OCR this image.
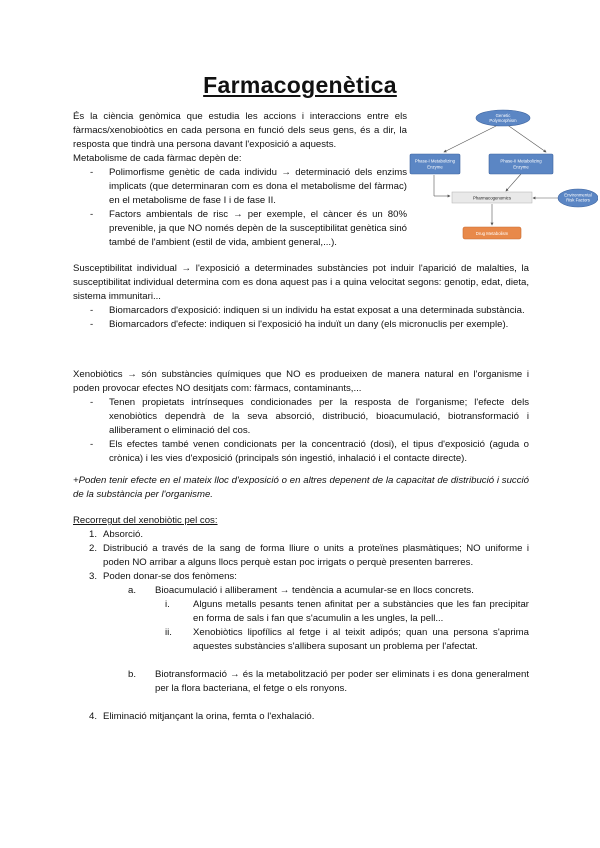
Farmacogenètica

És la ciència genòmica que estudia les accions i interaccions entre els fàrmacs/xenobioòtics en cada persona en funció dels seus gens, és a dir, la resposta que tindrà una persona davant l'exposició a aquests.

Metabolisme de cada fàrmac depèn de:

- Polimorfisme genètic de cada individu → determinació dels enzims implicats (que determinaran com es dona el metabolisme del fàrmac) en el metabolisme de fase I i de fase II.
- Factors ambientals de risc → per exemple, el càncer és un 80% prevenible, ja que NO només depèn de la susceptibilitat genètica sinó també de l'ambient (estil de vida, ambient general,...).
Genetic
Polymorphism
Phase-I Metabolizing
Enzyme
Phase-II Metabolizing
Enzyme
Pharmacogenomics
Environmental
Risk Factors
Drug Metabolism

Susceptibilitat individual → l'exposició a determinades substàncies pot induir l'aparició de malalties, la susceptibilitat individual determina com es dona aquest pas i a quina velocitat segons: genotip, edat, dieta, sistema immunitari...

- Biomarcadors d'exposició: indiquen si un individu ha estat exposat a una determinada substància.
- Biomarcadors d'efecte: indiquen si l'exposició ha induït un dany (els micronuclis per exemple).

Xenobiòtics → són substàncies químiques que NO es produeixen de manera natural en l'organisme i poden provocar efectes NO desitjats com: fàrmacs, contaminants,...

- Tenen propietats intrínseques condicionades per la resposta de l'organisme; l'efecte dels xenobiòtics dependrà de la seva absorció, distribució, bioacumulació, biotransformació i alliberament o eliminació del cos.
- Els efectes també venen condicionats per la concentració (dosi), el tipus d'exposició (aguda o crònica) i les vies d'exposició (principals són ingestió, inhalació i el contacte directe).
+Poden tenir efecte en el mateix lloc d'exposició o en altres depenent de la capacitat de distribució i succió de la substància per l'organisme.

Recorregut del xenobiòtic pel cos:

1. Absorció.
2. Distribució a través de la sang de forma lliure o units a proteïnes plasmàtiques; NO uniforme i poden NO arribar a alguns llocs perquè estan poc irrigats o perquè presenten barreres.
3. Poden donar-se dos fenòmens:
a.	Bioacumulació i alliberament → tendència a acumular-se en llocs concrets.
i. Alguns metalls pesants tenen afinitat per a substàncies que les fan precipitar en forma de sals i fan que s'acumulin a les ungles, la pell...
ii. Xenobiòtics lipofílics al fetge i al teixit adipós; quan una persona s'aprima aquestes substàncies s'allibera suposant un problema per l'afectat.
b.	Biotransformació → és la metabolització per poder ser eliminats i es dona generalment per la flora bacteriana, el fetge o els ronyons.
4. Eliminació mitjançant la orina, femta o l'exhalació.
